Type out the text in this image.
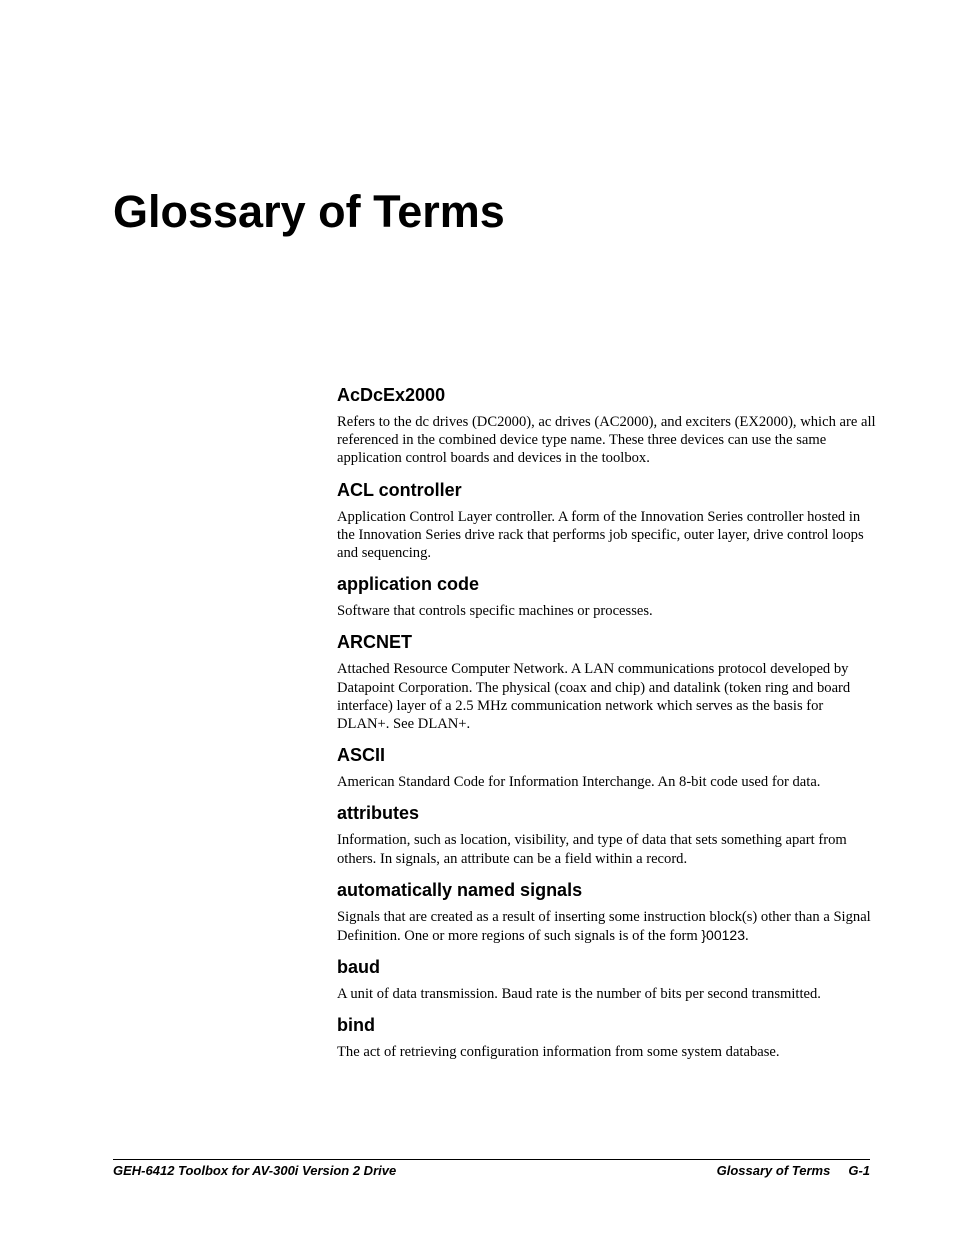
Glossary of Terms
AcDcEx2000

Refers to the dc drives (DC2000), ac drives (AC2000), and exciters (EX2000), which are all referenced in the combined device type name. These three devices can use the same application control boards and devices in the toolbox.

ACL controller

Application Control Layer controller. A form of the Innovation Series controller hosted in the Innovation Series drive rack that performs job specific, outer layer, drive control loops and sequencing.

application code

Software that controls specific machines or processes.

ARCNET

Attached Resource Computer Network. A LAN communications protocol developed by Datapoint Corporation. The physical (coax and chip) and datalink (token ring and board interface) layer of a 2.5 MHz communication network which serves as the basis for DLAN+. See DLAN+.

ASCII

American Standard Code for Information Interchange. An 8-bit code used for data.

attributes

Information, such as location, visibility, and type of data that sets something apart from others. In signals, an attribute can be a field within a record.

automatically named signals

Signals that are created as a result of inserting some instruction block(s) other than a Signal Definition. One or more regions of such signals is of the form }00123.

baud

A unit of data transmission. Baud rate is the number of bits per second transmitted.

bind

The act of retrieving configuration information from some system database.

GEH-6412 Toolbox for AV-300i Version 2 Drive	Glossary of Terms G-1
